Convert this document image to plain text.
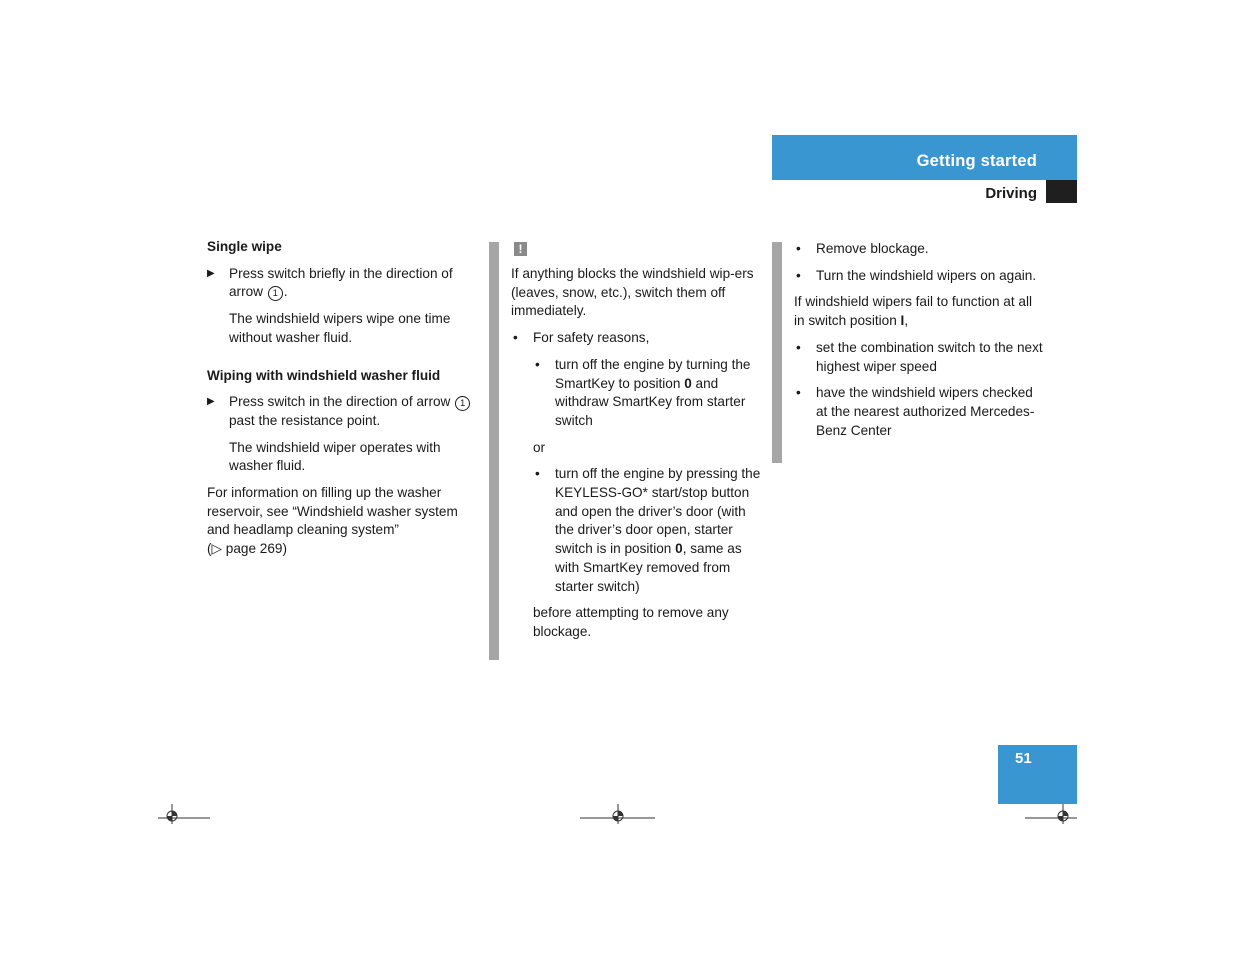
Getting started
Driving
Single wipe
▶ Press switch briefly in the direction of arrow 1 .

The windshield wipers wipe one time without washer fluid.

Wiping with windshield washer fluid
▶ Press switch in the direction of arrow 1 past the resistance point.

The windshield wiper operates with washer fluid.

For information on filling up the washer reservoir, see “Windshield washer system and headlamp cleaning system”
(▷ page 269)

!

If anything blocks the windshield wip-ers (leaves, snow, etc.), switch them off immediately.

• For safety reasons,
• turn off the engine by turning the SmartKey to position 0 and withdraw SmartKey from starter switch

or

• turn off the engine by pressing the KEYLESS-GO* start/stop button and open the driver’s door (with the driver’s door open, starter switch is in position 0, same as with SmartKey removed from starter switch)

before attempting to remove any blockage.

• Remove blockage.
• Turn the windshield wipers on again.

If windshield wipers fail to function at all in switch position I,

• set the combination switch to the next highest wiper speed
• have the windshield wipers checked at the nearest authorized Mercedes-Benz Center
51
